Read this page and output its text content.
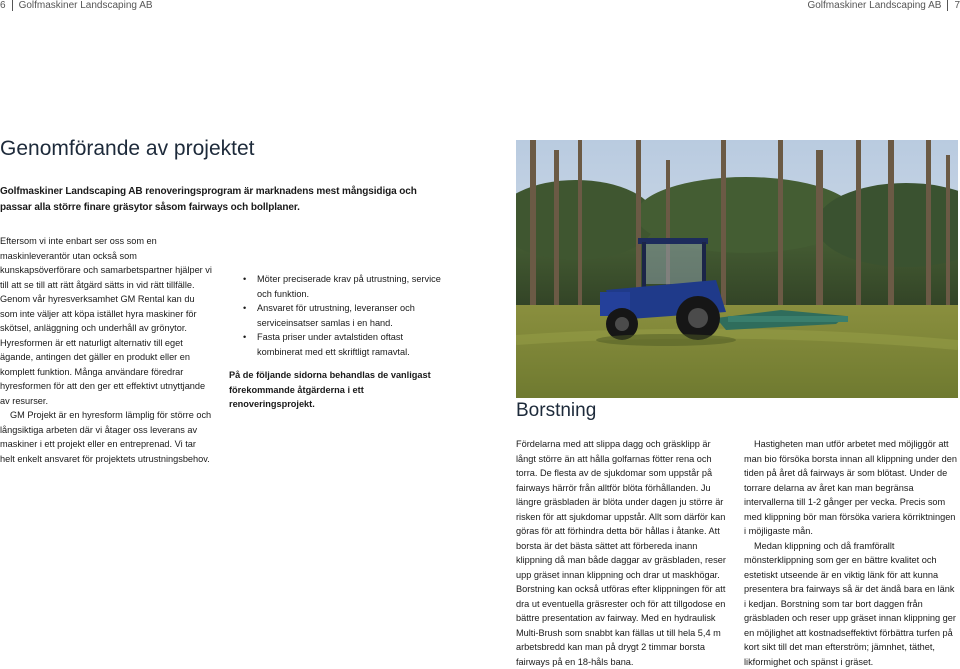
6 Golfmaskiner Landscaping AB	Golfmaskiner Landscaping AB 7
Genomförande av projektet

Golfmaskiner Landscaping AB renoveringsprogram är marknadens mest mångsidiga och passar alla större finare gräsytor såsom fairways och bollplaner.

Eftersom vi inte enbart ser oss som en maskinleverantör utan också som kunskapsöverförare och samarbetspartner hjälper vi till att se till att rätt åtgärd sätts in vid rätt tillfälle. Genom vår hyresverksamhet GM Rental kan du som inte väljer att köpa istället hyra maskiner för skötsel, anläggning och underhåll av grönytor. Hyresformen är ett naturligt alternativ till eget ägande, antingen det gäller en produkt eller en komplett funktion. Många användare föredrar hyresformen för att den ger ett effektivt utnyttjande av resurser.

GM Projekt är en hyresform lämplig för större och långsiktiga arbeten där vi åtager oss leverans av maskiner i ett projekt eller en entreprenad. Vi tar helt enkelt ansvaret för projektets utrustningsbehov.

• Möter preciserade krav på utrustning, service och funktion.
• Ansvaret för utrustning, leveranser och serviceinsatser samlas i en hand.
• Fasta priser under avtalstiden oftast kombinerat med ett skriftligt ramavtal.

På de följande sidorna behandlas de vanligast förekommande åtgärderna i ett renoveringsprojekt.	Borstning

Fördelarna med att slippa dagg och gräsklipp är långt större än att hålla golfarnas fötter rena och torra. De flesta av de sjukdomar som uppstår på fairways härrör från alltför blöta förhållanden. Ju längre gräsbladen är blöta under dagen ju större är risken för att sjukdomar uppstår. Allt som därför kan göras för att förhindra detta bör hållas i åtanke. Att borsta är det bästa sättet att förbereda inann klippning då man både daggar av gräsbladen, reser upp gräset innan klippning och drar ut maskhögar. Borstning kan också utföras efter klippningen för att dra ut eventuella gräsrester och för att tillgodose en bättre presentation av fairway. Med en hydraulisk Multi-Brush som snabbt kan fällas ut till hela 5,4 m arbetsbredd kan man på drygt 2 timmar borsta fairways på en 18-håls bana.

Hastigheten man utför arbetet med möjliggör att man bio försöka borsta innan all klippning under den tiden på året då fairways är som blötast. Under de torrare delarna av året kan man begränsa intervallerna till 1-2 gånger per vecka. Precis som med klippning bör man försöka variera körriktningen i möjligaste mån.

Medan klippning och då framförallt mönsterklippning som ger en bättre kvalitet och estetiskt utseende är en viktig länk för att kunna presentera bra fairways så är det ändå bara en länk i kedjan. Borstning som tar bort daggen från gräsbladen och reser upp gräset innan klippning ger en möjlighet att kostnadseffektivt förbättra turfen på kort sikt till det man efterström; jämnhet, täthet, likformighet och spänst i gräset.
